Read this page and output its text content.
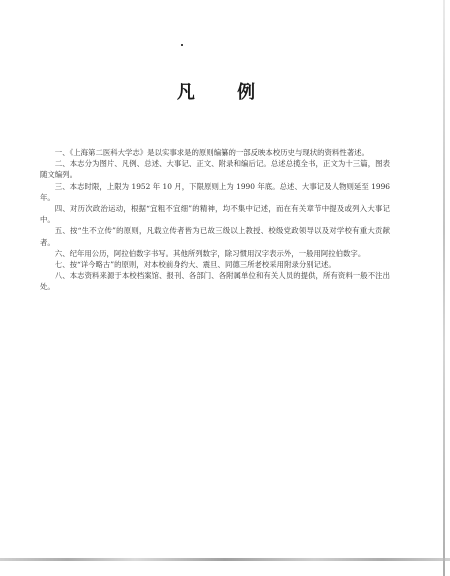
凡 例

一、《上海第二医科大学志》是以实事求是的原则编纂的一部反映本校历史与现状的资料性著述。

二、本志分为图片、凡例、总述、大事记、正文、附录和编后记。总述总揽全书，正文为十三篇，图表随文编列。

三、本志时限，上限为 1952 年 10 月，下限原则上为 1990 年底。总述、大事记及人物则延至 1996 年。

四、对历次政治运动，根据“宜粗不宜细”的精神，均不集中记述，而在有关章节中提及或列入大事记中。

五、按“生不立传”的原则，凡载立传者皆为已故三级以上教授、校级党政领导以及对学校有重大贡献者。

六、纪年用公历，阿拉伯数字书写。其他所列数字，除习惯用汉字表示外，一般用阿拉伯数字。

七、按“详今略古”的原则，对本校前身约大、震旦、同德三所老校采用附录分别记述。

八、本志资料来源于本校档案馆、报刊、各部门、各附属单位和有关人员的提供，所有资料一般不注出处。
